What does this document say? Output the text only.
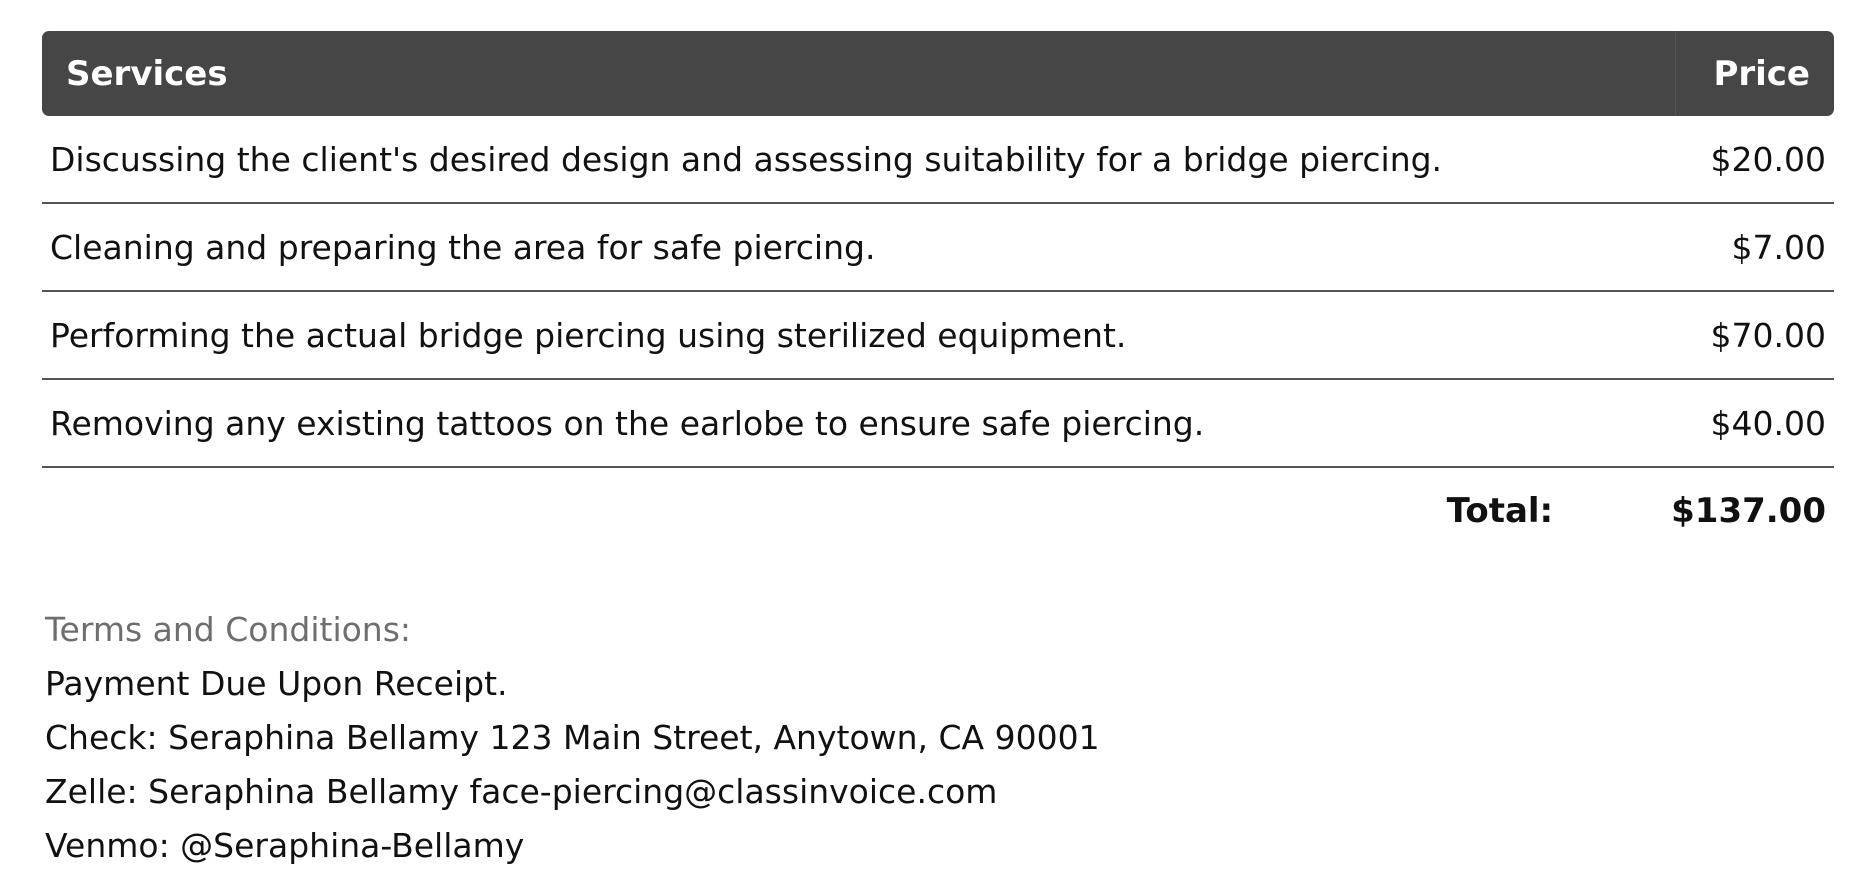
Services	Price
Discussing the client's desired design and assessing suitability for a bridge piercing.	$20.00
Cleaning and preparing the area for safe piercing.	$7.00
Performing the actual bridge piercing using sterilized equipment.	$70.00
Removing any existing tattoos on the earlobe to ensure safe piercing.	$40.00
Total:	$137.00
Terms and Conditions:
Payment Due Upon Receipt.
Check: Seraphina Bellamy 123 Main Street, Anytown, CA 90001
Zelle: Seraphina Bellamy face-piercing@classinvoice.com
Venmo: @Seraphina-Bellamy
